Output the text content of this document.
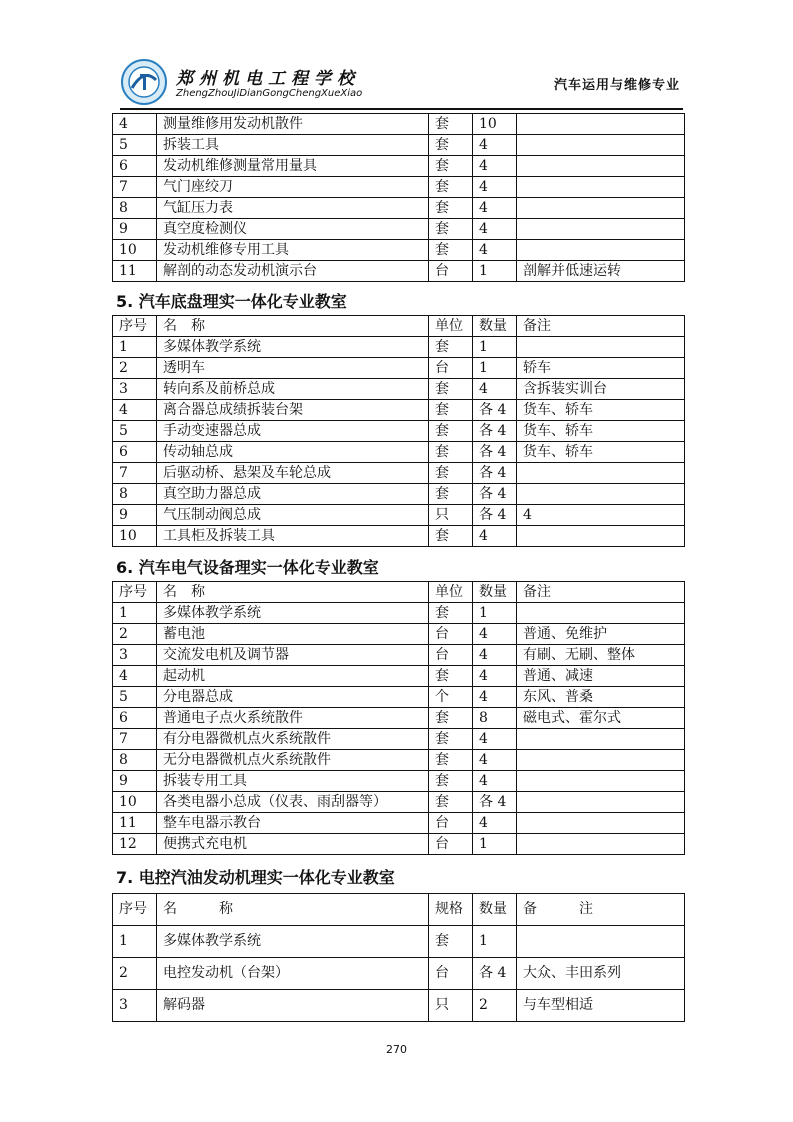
郑州机电工程学校
ZhengZhouJiDianGongChengXueXiao
汽车运用与维修专业
4	测量维修用发动机散件	套	10	
5	拆装工具	套	4	
6	发动机维修测量常用量具	套	4	
7	气门座绞刀	套	4	
8	气缸压力表	套	4	
9	真空度检测仪	套	4	
10	发动机维修专用工具	套	4	
11	解剖的动态发动机演示台	台	1	剖解并低速运转
5. 汽车底盘理实一体化专业教室
序号	名　称	单位	数量	备注
1	多媒体教学系统	套	1	
2	透明车	台	1	轿车
3	转向系及前桥总成	套	4	含拆装实训台
4	离合器总成绩拆装台架	套	各 4	货车、轿车
5	手动变速器总成	套	各 4	货车、轿车
6	传动轴总成	套	各 4	货车、轿车
7	后驱动桥、悬架及车轮总成	套	各 4	
8	真空助力器总成	套	各 4	
9	气压制动阀总成	只	各 4	4
10	工具柜及拆装工具	套	4	
6. 汽车电气设备理实一体化专业教室
序号	名　称	单位	数量	备注
1	多媒体教学系统	套	1	
2	蓄电池	台	4	普通、免维护
3	交流发电机及调节器	台	4	有刷、无刷、整体
4	起动机	套	4	普通、减速
5	分电器总成	个	4	东风、普桑
6	普通电子点火系统散件	套	8	磁电式、霍尔式
7	有分电器微机点火系统散件	套	4	
8	无分电器微机点火系统散件	套	4	
9	拆装专用工具	套	4	
10	各类电器小总成（仪表、雨刮器等）	套	各 4	
11	整车电器示教台	台	4	
12	便携式充电机	台	1	
7. 电控汽油发动机理实一体化专业教室
序号	名　　　称	规格	数量	备　　　注
1	多媒体教学系统	套	1	
2	电控发动机（台架）	台	各 4	大众、丰田系列
3	解码器	只	2	与车型相适
270
